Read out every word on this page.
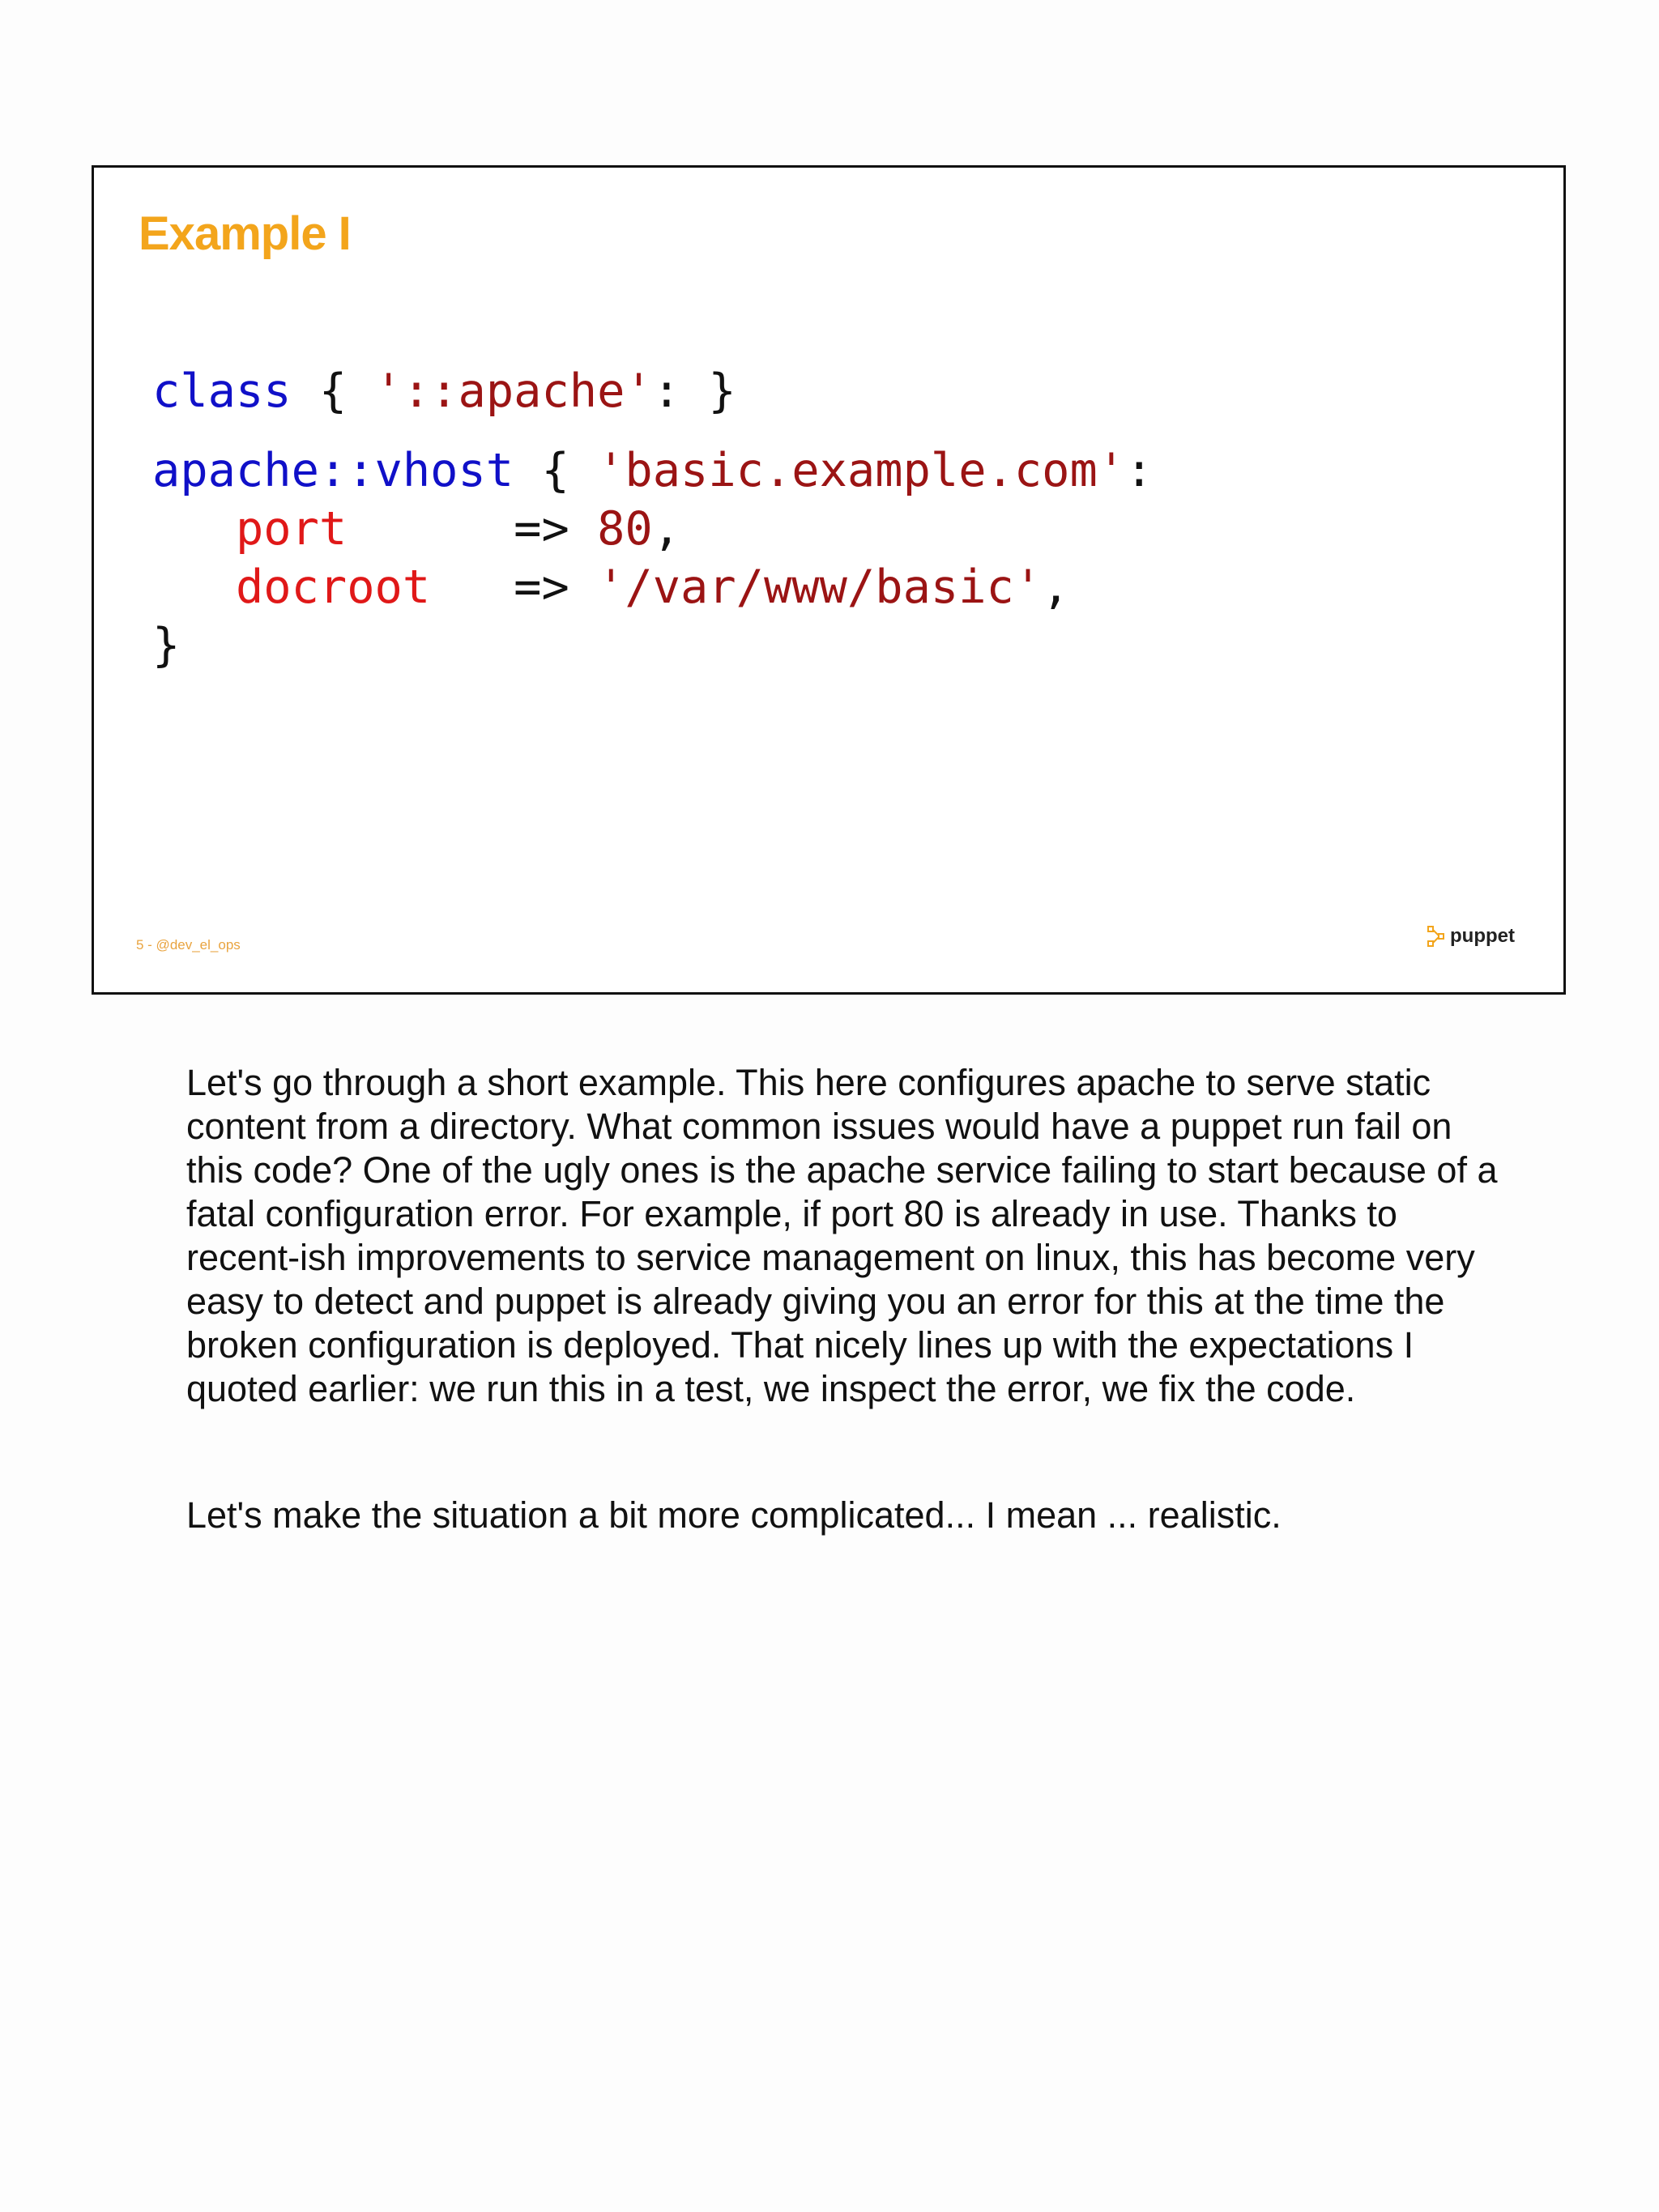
Example I
class { '::apache': }
apache::vhost { 'basic.example.com':
port      => 80,
docroot   => '/var/www/basic',
}
5 - @dev_el_ops	puppet

Let's go through a short example. This here configures apache to serve static content from a directory. What common issues would have a puppet run fail on this code? One of the ugly ones is the apache service failing to start because of a fatal configuration error. For example, if port 80 is already in use. Thanks to recent-ish improvements to service management on linux, this has become very easy to detect and puppet is already giving you an error for this at the time the broken configuration is deployed. That nicely lines up with the expectations I quoted earlier: we run this in a test, we inspect the error, we fix the code.

Let's make the situation a bit more complicated... I mean ... realistic.
